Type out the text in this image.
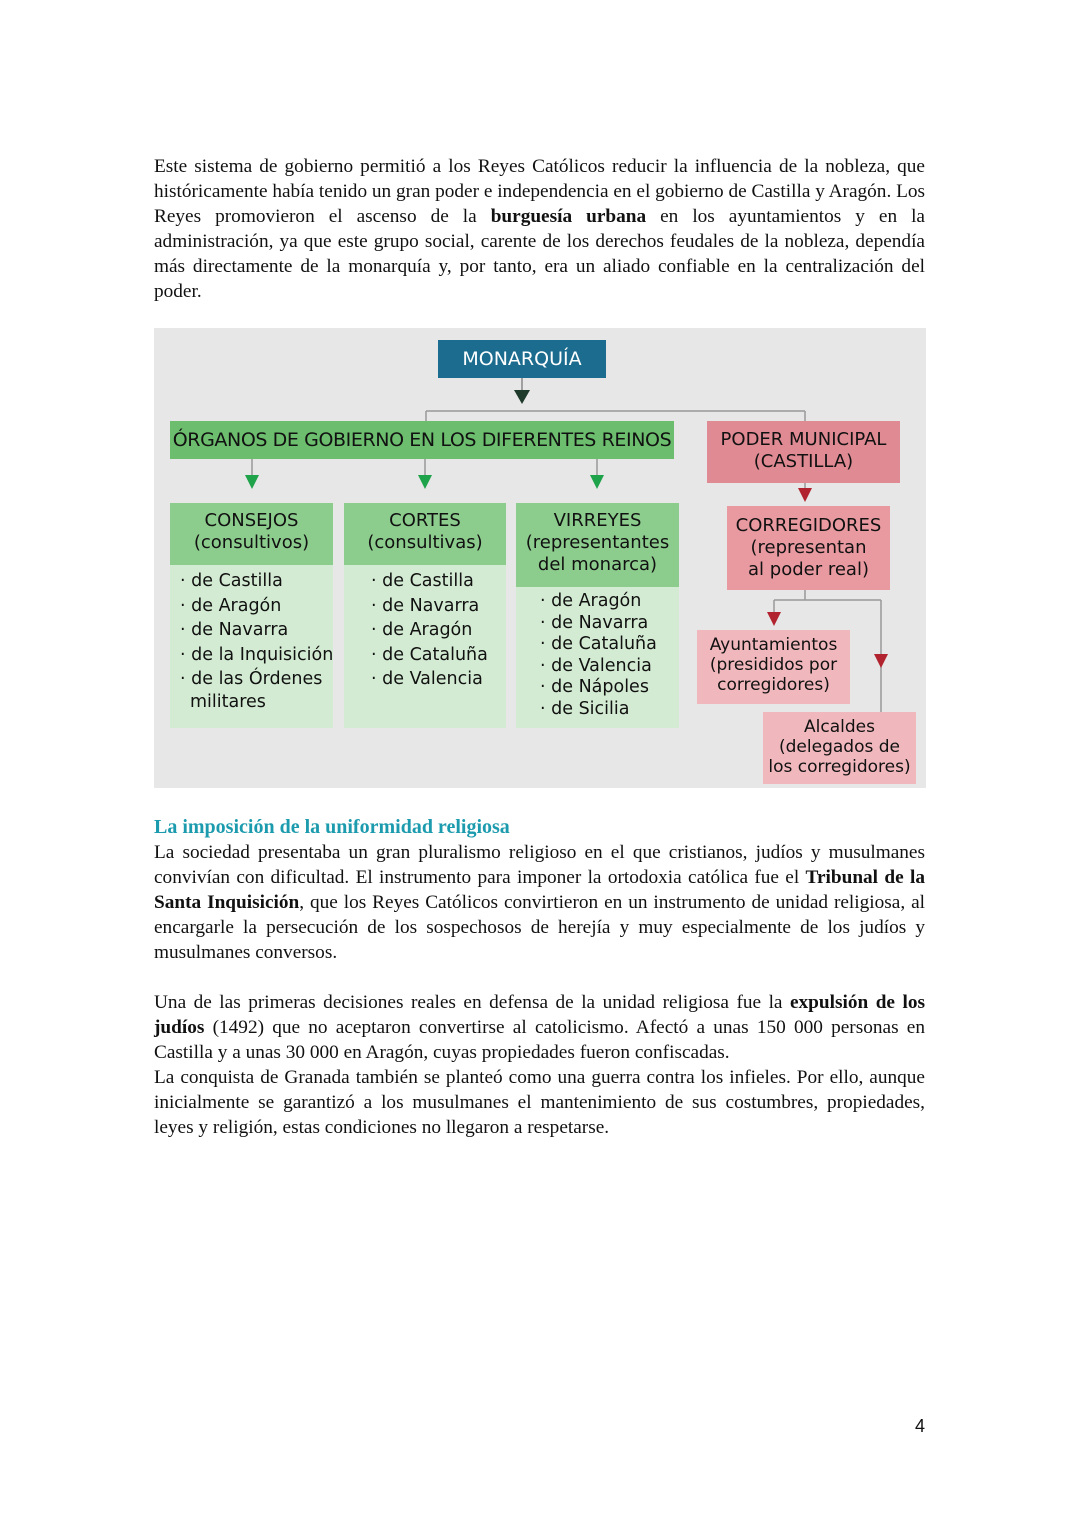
Este sistema de gobierno permitió a los Reyes Católicos reducir la influencia de la nobleza, que históricamente había tenido un gran poder e independencia en el gobierno de Castilla y Aragón. Los Reyes promovieron el ascenso de la burguesía urbana en los ayuntamientos y en la administración, ya que este grupo social, carente de los derechos feudales de la nobleza, dependía más directamente de la monarquía y, por tanto, era un aliado confiable en la centralización del poder.

MONARQUÍA
ÓRGANOS DE GOBIERNO EN LOS DIFERENTES REINOS	PODER MUNICIPAL
(CASTILLA)
CONSEJOS
(consultivos)
· de Castilla
· de Aragón
· de Navarra
· de la Inquisición
· de las Órdenes
militares
CORTES
(consultivas)
· de Castilla
· de Navarra
· de Aragón
· de Cataluña
· de Valencia
VIRREYES
(representantes
del monarca)
· de Aragón
· de Navarra
· de Cataluña
· de Valencia
· de Nápoles
· de Sicilia
CORREGIDORES
(representan
al poder real)
Ayuntamientos
(presididos por
corregidores)
Alcaldes
(delegados de
los corregidores)
La imposición de la uniformidad religiosa

La sociedad presentaba un gran pluralismo religioso en el que cristianos, judíos y musulmanes convivían con dificultad. El instrumento para imponer la ortodoxia católica fue el Tribunal de la Santa Inquisición, que los Reyes Católicos convirtieron en un instrumento de unidad religiosa, al encargarle la persecución de los sospechosos de herejía y muy especialmente de los judíos y musulmanes conversos.

Una de las primeras decisiones reales en defensa de la unidad religiosa fue la expulsión de los judíos (1492) que no aceptaron convertirse al catolicismo. Afectó a unas 150 000 personas en Castilla y a unas 30 000 en Aragón, cuyas propiedades fueron confiscadas.
La conquista de Granada también se planteó como una guerra contra los infieles. Por ello, aunque inicialmente se garantizó a los musulmanes el mantenimiento de sus costumbres, propiedades, leyes y religión, estas condiciones no llegaron a respetarse.

4
